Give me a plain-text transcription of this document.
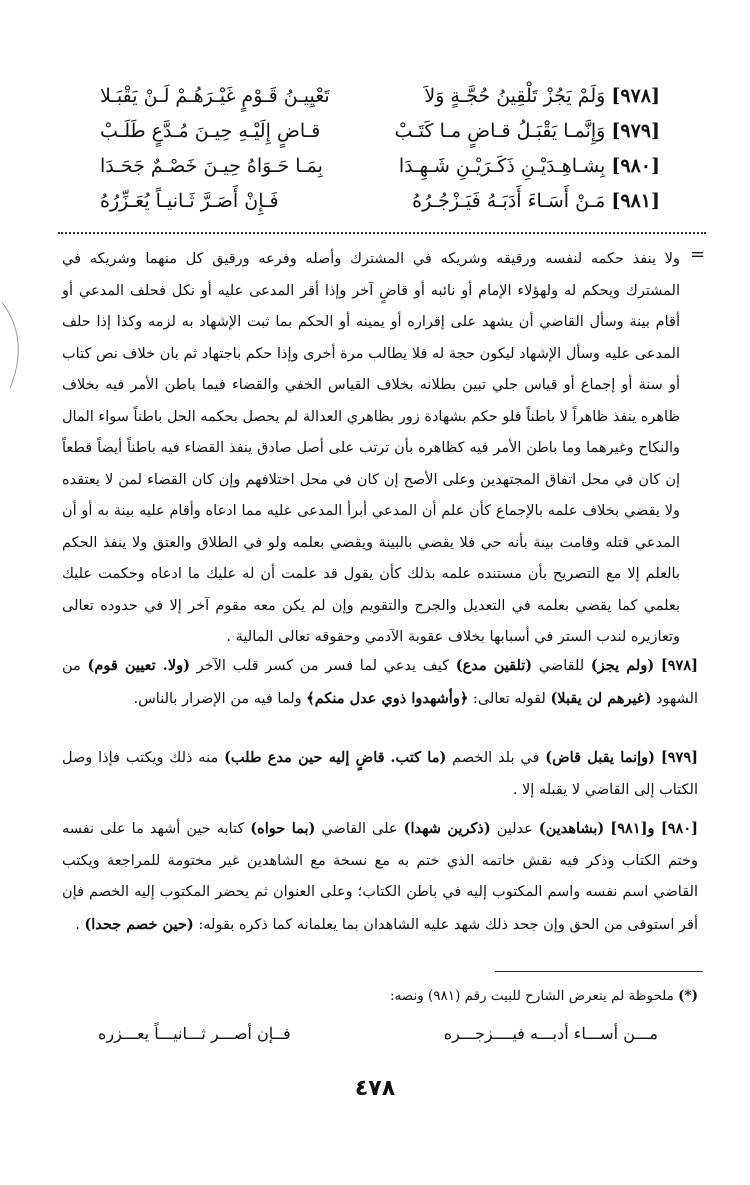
[٩٧٨] وَلَمْ يَجُزْ تَلْقِينُ حُجَّـةٍ وَلاَ
تَعْيِيـنُ قَـوْمٍ غَيْـرَهُـمْ لَـنْ يَقْبَـلا
[٩٧٩] وَإِنَّمـا يَقْبَـلُ قـاضٍ مـا كَتَـبْ
قـاضٍ إِلَيْـهِ حِيـنَ مُـدَّعٍ طَلَـبْ
[٩٨٠] بِشـاهِـدَيْـنِ ذَكَـرَيْـنِ شَـهِـدَا
بِمَـا حَـوَاهُ حِيـنَ خَصْـمٌ جَحَـدَا
[٩٨١] مَـنْ أَسَـاءَ أَدَبَـهُ فَيَـزْجُـرُهُ
فَـإِنْ أَصَـرَّ ثَـانيـاً يُعَـزِّرُهُ
=

ولا ينفذ حكمه لنفسه ورقيقه وشريكه في المشترك وأصله وفرعه ورقيق كل منهما وشريكه في المشترك ويحكم له ولهؤلاء الإمام أو نائبه أو قاضٍ آخر وإذا أقر المدعى عليه أو نكل فحلف المدعي أو أقام بينة وسأل القاضي أن يشهد على إقراره أو يمينه أو الحكم بما ثبت الإشهاد به لزمه وكذا إذا حلف المدعى عليه وسأل الإشهاد ليكون حجة له فلا يطالب مرة أخرى وإذا حكم باجتهاد ثم بان خلاف نص كتاب أو سنة أو إجماع أو قياس جلي تبين بطلانه بخلاف القياس الخفي والقضاء فيما باطن الأمر فيه بخلاف ظاهره ينفذ ظاهراً لا باطناً فلو حكم بشهادة زور بظاهري العدالة لم يحصل بحكمه الحل باطناً سواء المال والنكاح وغيرهما وما باطن الأمر فيه كظاهره بأن ترتب على أصل صادق ينفذ القضاء فيه باطناً أيضاً قطعاً إن كان في محل اتفاق المجتهدين وعلى الأصح إن كان في محل اختلافهم وإن كان القضاء لمن لا يعتقده ولا يقضي بخلاف علمه بالإجماع كأن علم أن المدعي أبرأ المدعى عليه مما ادعاه وأقام عليه بينة به أو أن المدعي قتله وقامت بينة بأنه حي فلا يقضي بالبينة ويقضي بعلمه ولو في الطلاق والعتق ولا ينفذ الحكم بالعلم إلا مع التصريح بأن مستنده علمه بذلك كأن يقول قد علمت أن له عليك ما ادعاه وحكمت عليك بعلمي كما يقضي بعلمه في التعديل والجرح والتقويم وإن لم يكن معه مقوم آخر إلا في حدوده تعالى وتعازيره لندب الستر في أسبابها بخلاف عقوبة الآدمي وحقوقه تعالى المالية .

[٩٧٨] (ولم يجز) للقاضي (تلقين مدع) كيف يدعي لما فسر من كسر قلب الآخر (ولا. تعيين قوم) من الشهود (غيرهم لن يقبلا) لقوله تعالى: ﴿وأشهدوا ذوي عدل منكم﴾ ولما فيه من الإضرار بالناس.

[٩٧٩] (وإنما يقبل قاض) في بلد الخصم (ما كتب. قاضٍ إليه حين مدع طلب) منه ذلك ويكتب فإذا وصل الكتاب إلى القاضي لا يقبله إلا .

[٩٨٠] و[٩٨١] (بشاهدين) عدلين (ذكرين شهدا) على القاضي (بما حواه) كتابه حين أشهد ما على نفسه وختم الكتاب وذكر فيه نقش خاتمه الذي ختم به مع نسخة مع الشاهدين غير مختومة للمراجعة ويكتب القاضي اسم نفسه واسم المكتوب إليه في باطن الكتاب؛ وعلى العنوان ثم يحضر المكتوب إليه الخصم فإن أقر استوفى من الحق وإن جحد ذلك شهد عليه الشاهدان بما يعلمانه كما ذكره بقوله: (حين خصم جحدا) .

(*) ملحوظة لم يتعرض الشارح للبيت رقم (٩٨١) ونصه:
مـــن أســـاء أدبـــه فيــــزجـــره
فــإن أصـــر ثـــانيـــاً يعـــزره
٤٧٨
